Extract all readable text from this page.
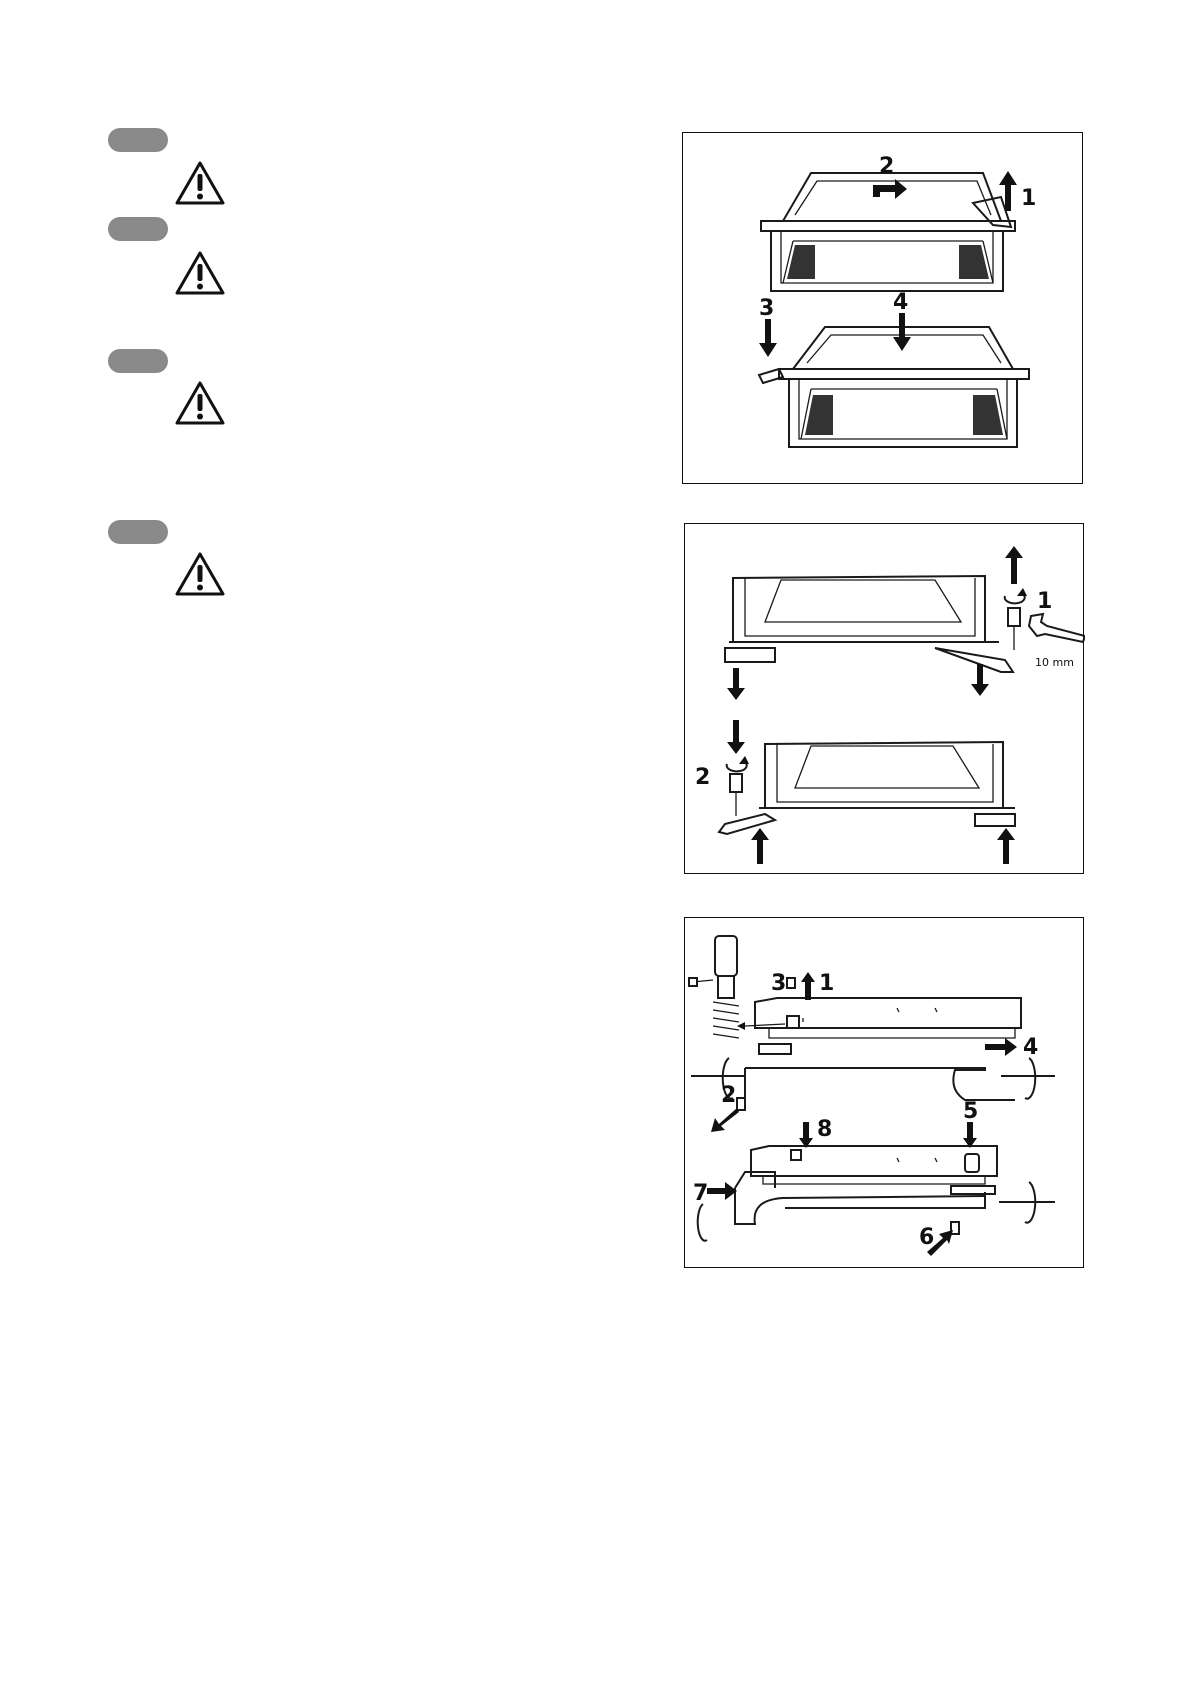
2
1
3	4
1
10 mm
2
3 1
4
2
5
8
7
6
